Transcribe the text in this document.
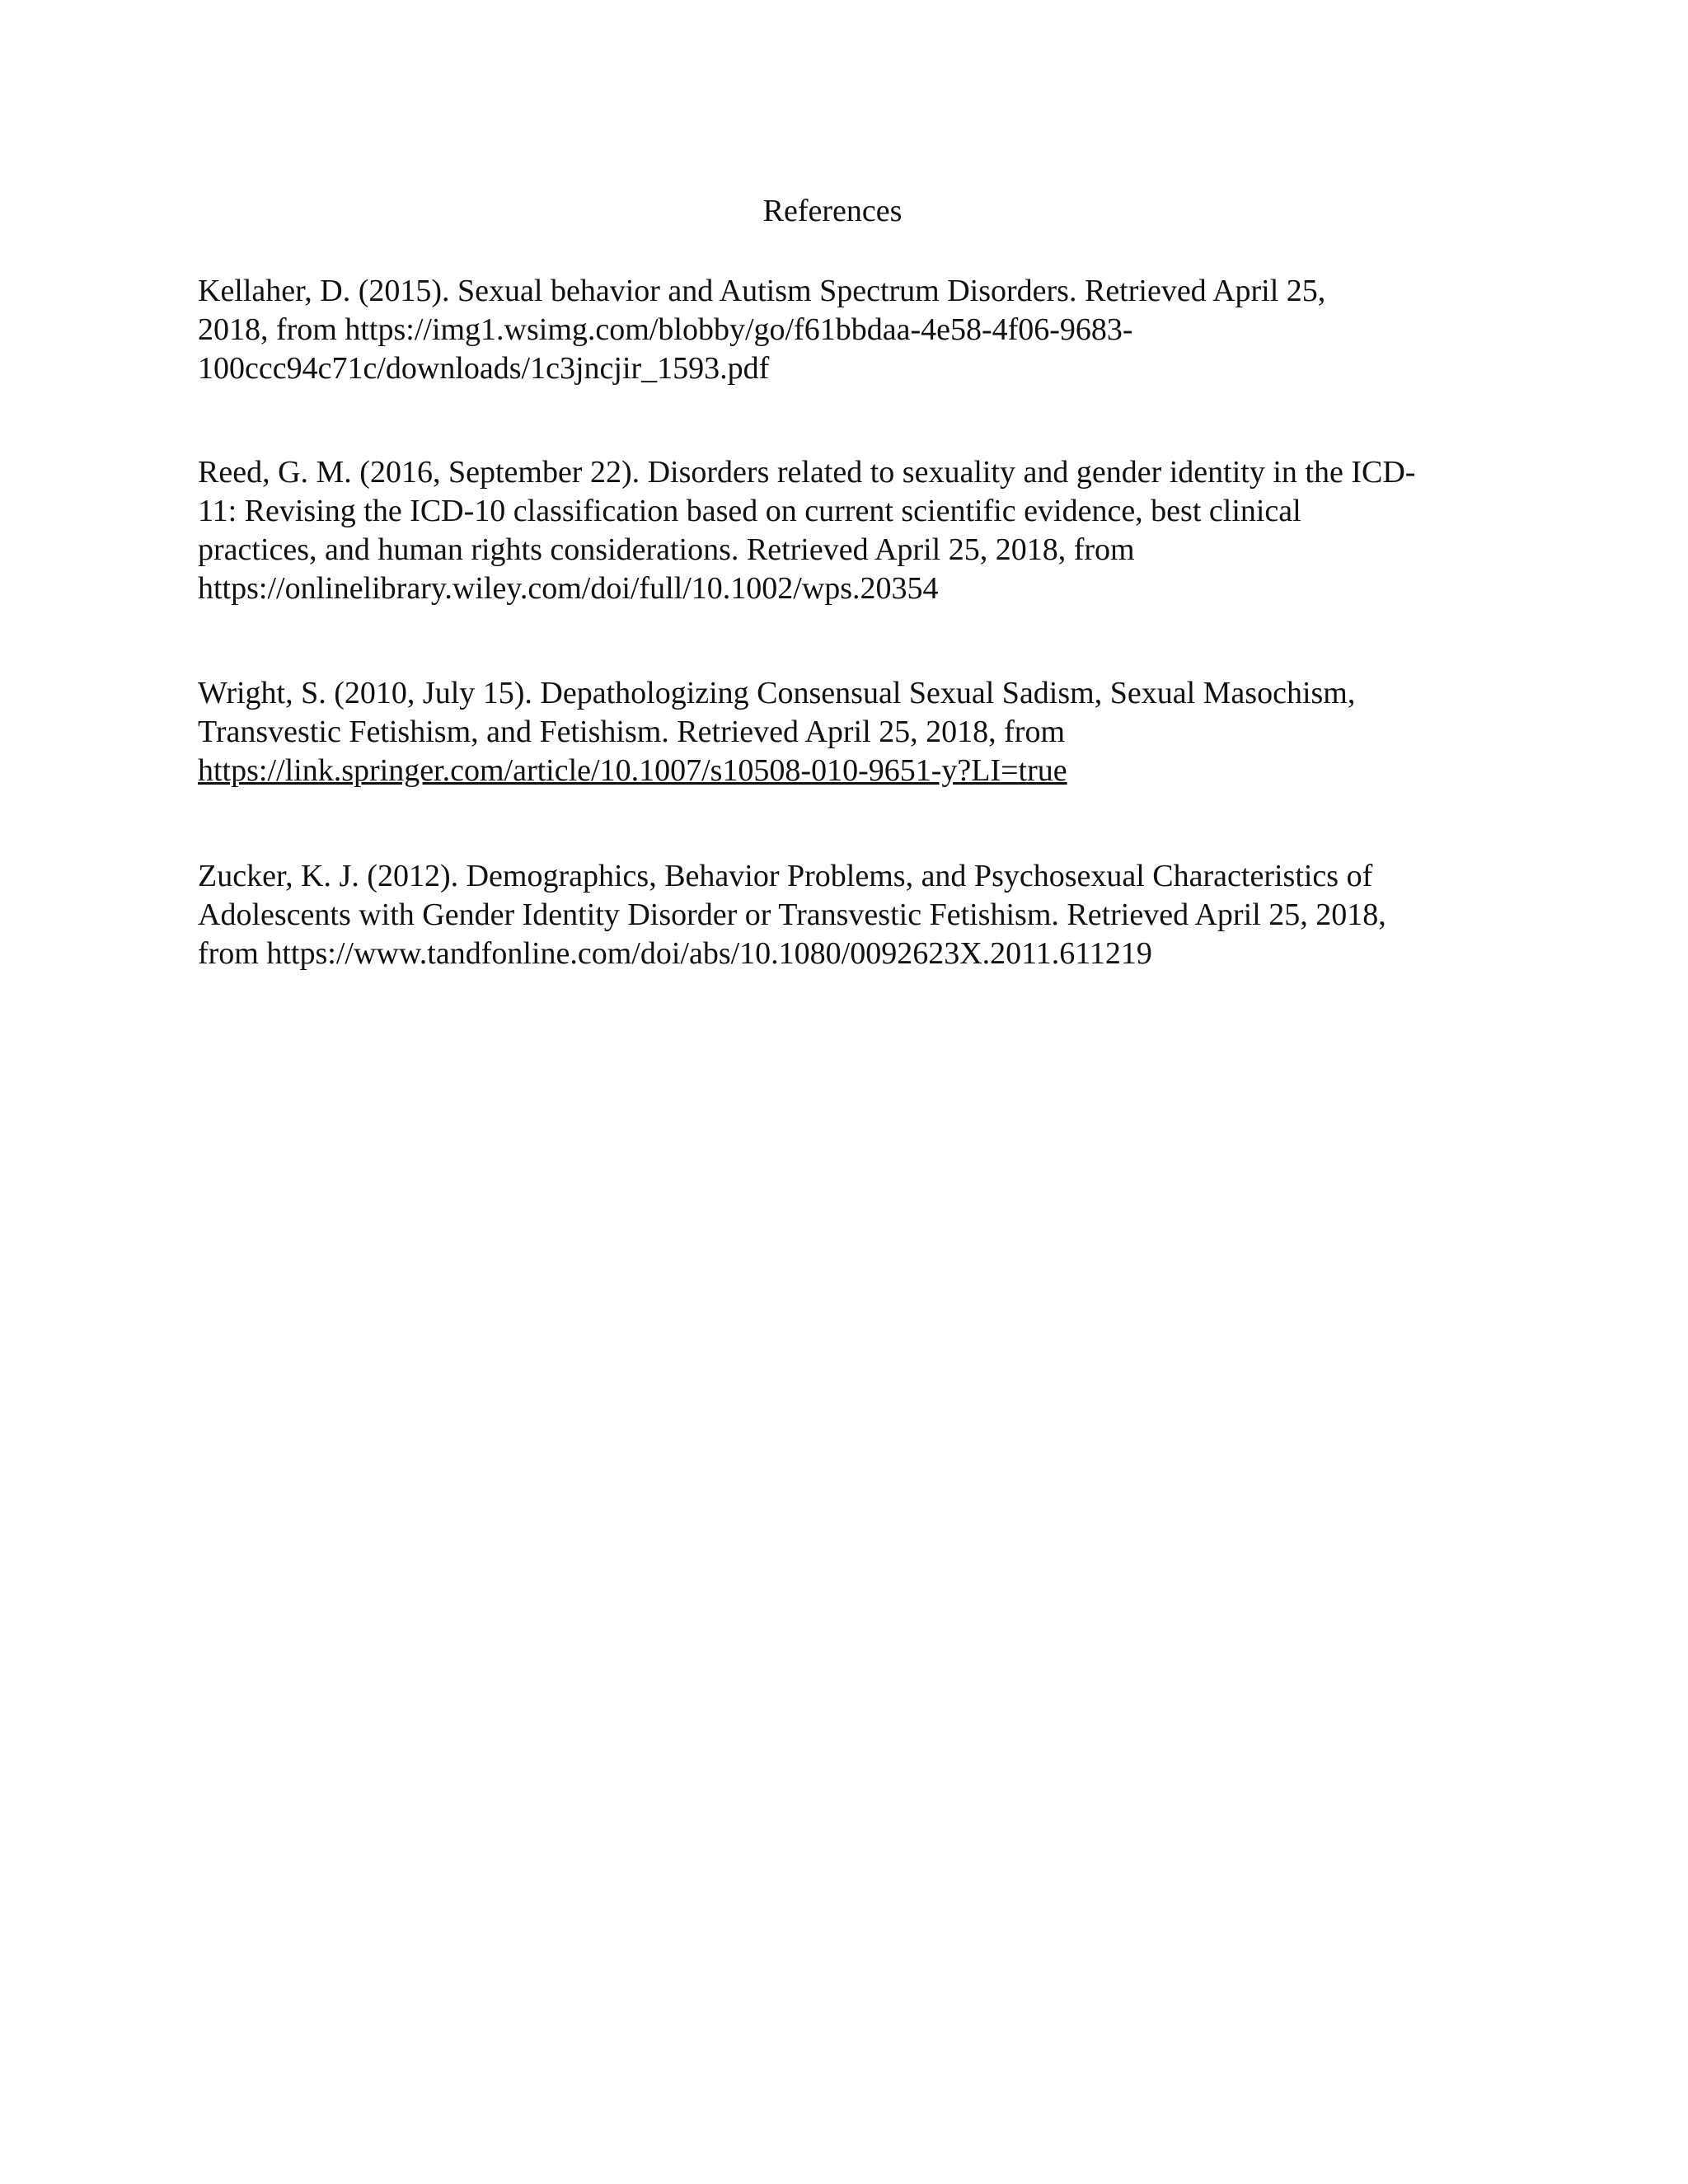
References

Kellaher, D. (2015). Sexual behavior and Autism Spectrum Disorders. Retrieved April 25,
2018, from https://img1.wsimg.com/blobby/go/f61bbdaa-4e58-4f06-9683-
100ccc94c71c/downloads/1c3jncjir_1593.pdf

Reed, G. M. (2016, September 22). Disorders related to sexuality and gender identity in the ICD-
11: Revising the ICD-10 classification based on current scientific evidence, best clinical
practices, and human rights considerations. Retrieved April 25, 2018, from
https://onlinelibrary.wiley.com/doi/full/10.1002/wps.20354

Wright, S. (2010, July 15). Depathologizing Consensual Sexual Sadism, Sexual Masochism,
Transvestic Fetishism, and Fetishism. Retrieved April 25, 2018, from
https://link.springer.com/article/10.1007/s10508-010-9651-y?LI=true

Zucker, K. J. (2012). Demographics, Behavior Problems, and Psychosexual Characteristics of
Adolescents with Gender Identity Disorder or Transvestic Fetishism. Retrieved April 25, 2018,
from https://www.tandfonline.com/doi/abs/10.1080/0092623X.2011.611219
